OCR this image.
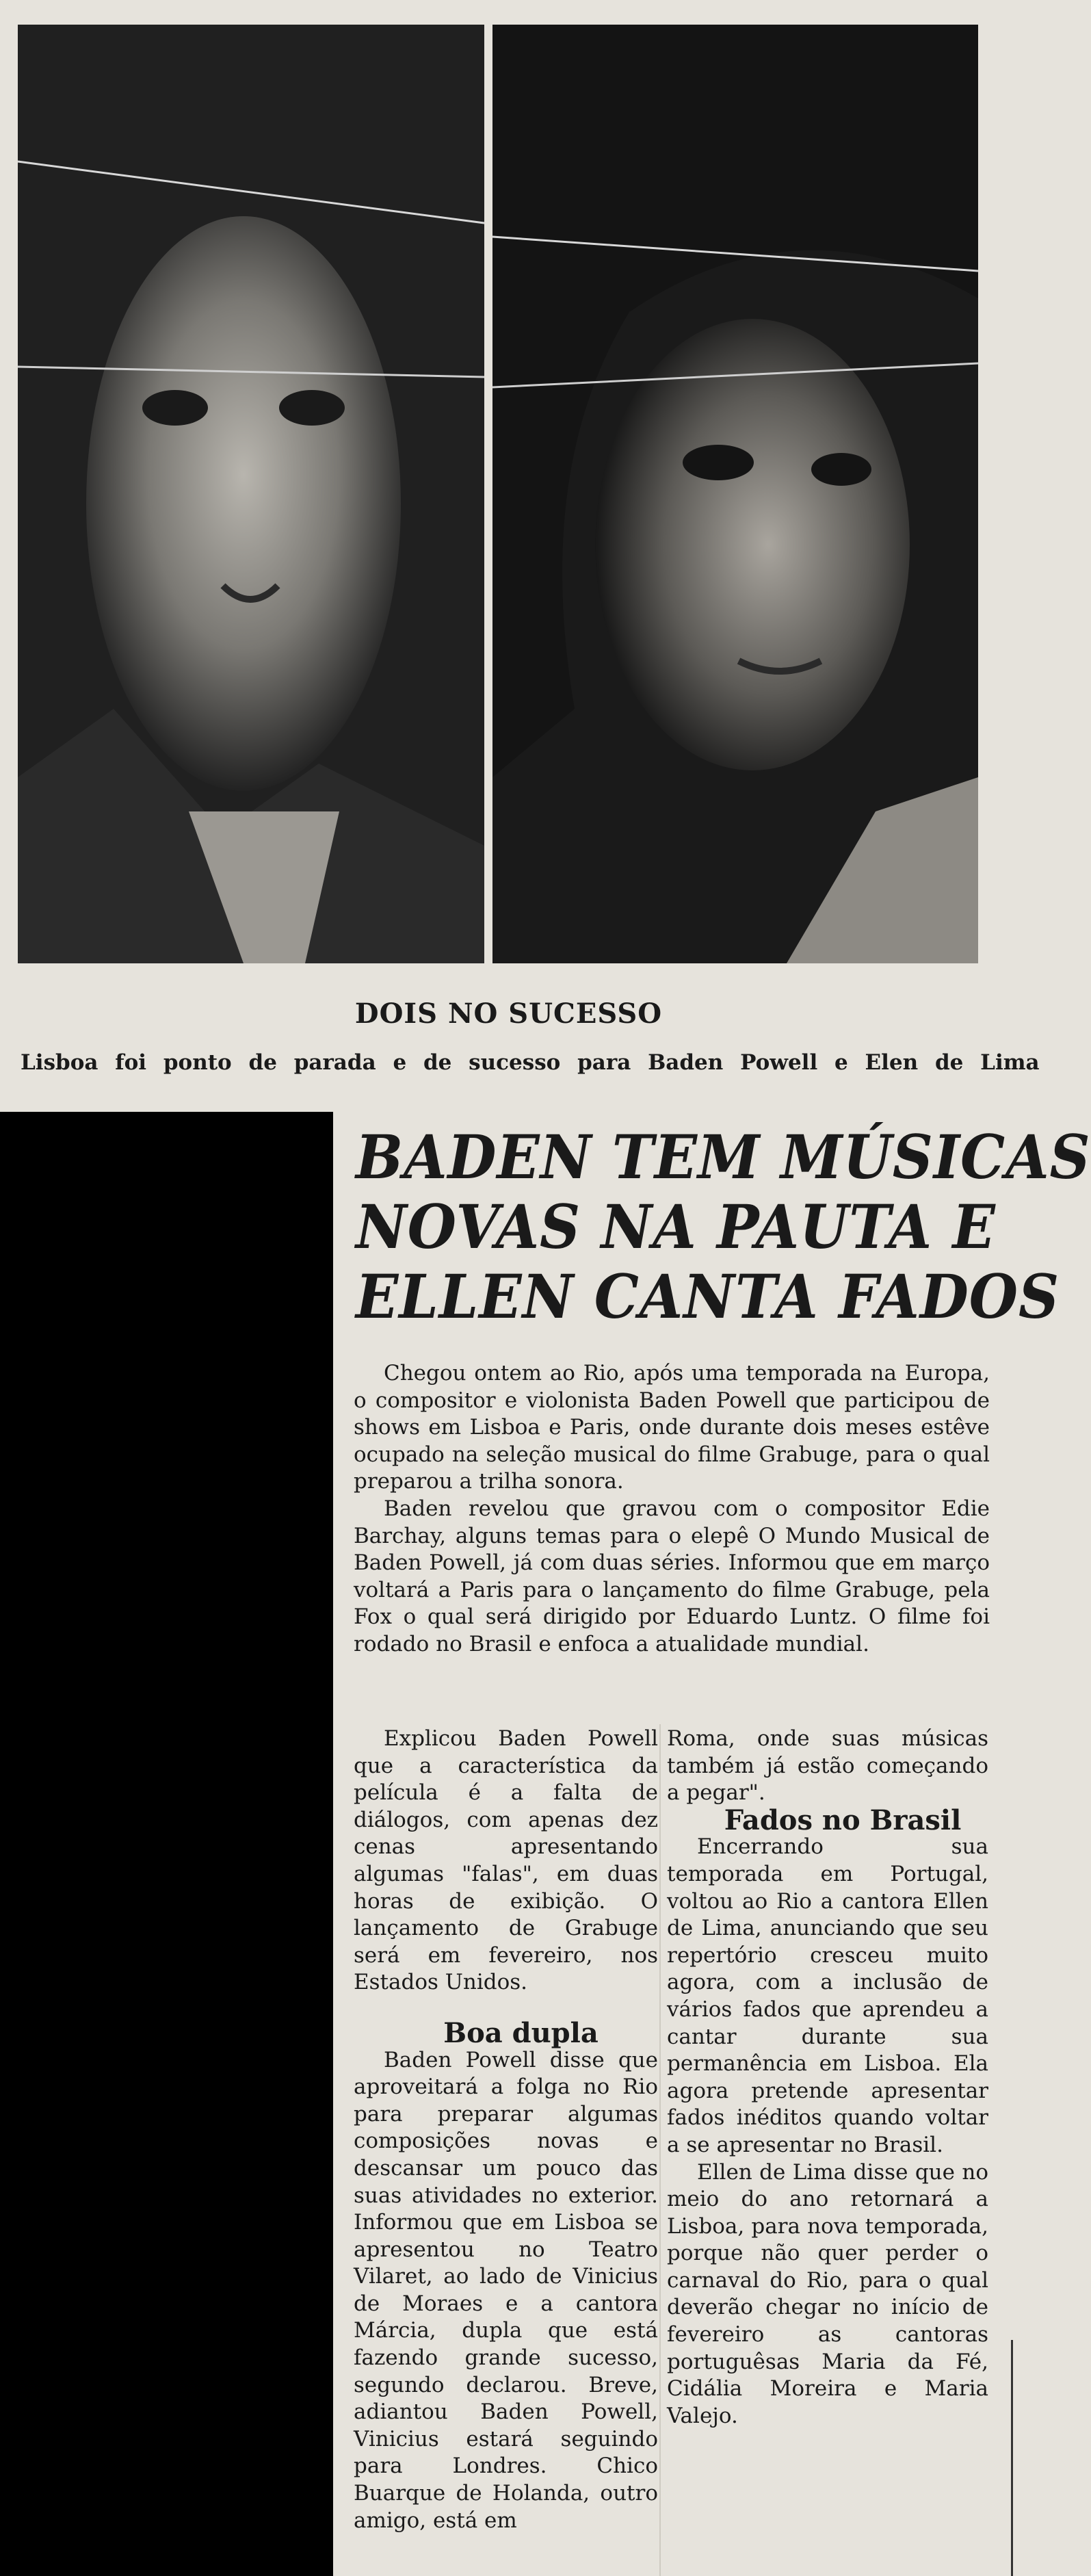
DOIS NO SUCESSO
Lisboa foi ponto de parada e de sucesso para Baden Powell e Elen de Lima
BADEN TEM MÚSICAS
NOVAS NA PAUTA E
ELLEN CANTA FADOS

Chegou ontem ao Rio, após uma temporada na Europa, o compositor e violonista Baden Powell que participou de shows em Lisboa e Paris, onde durante dois meses estêve ocupado na seleção musical do filme Grabuge, para o qual preparou a trilha sonora.

Baden revelou que gravou com o compositor Edie Barchay, alguns temas para o elepê O Mundo Musical de Baden Powell, já com duas séries. Informou que em março voltará a Paris para o lançamento do filme Grabuge, pela Fox o qual será dirigido por Eduardo Luntz. O filme foi rodado no Brasil e enfoca a atualidade mundial.

Explicou Baden Powell que a característica da película é a falta de diálogos, com apenas dez cenas apresentando algumas "falas", em duas horas de exibição. O lançamento de Grabuge será em fevereiro, nos Estados Unidos.

Boa dupla

Baden Powell disse que aproveitará a folga no Rio para preparar algumas composições novas e descansar um pouco das suas atividades no exterior. Informou que em Lisboa se apresentou no Teatro Vilaret, ao lado de Vinicius de Moraes e a cantora Márcia, dupla que está fazendo grande sucesso, segundo declarou. Breve, adiantou Baden Powell, Vinicius estará seguindo para Londres. Chico Buarque de Holanda, outro amigo, está em

Roma, onde suas músicas também já estão começando a pegar".

Fados no Brasil

Encerrando sua temporada em Portugal, voltou ao Rio a cantora Ellen de Lima, anunciando que seu repertório cresceu muito agora, com a inclusão de vários fados que aprendeu a cantar durante sua permanência em Lisboa. Ela agora pretende apresentar fados inéditos quando voltar a se apresentar no Brasil.

Ellen de Lima disse que no meio do ano retornará a Lisboa, para nova temporada, porque não quer perder o carnaval do Rio, para o qual deverão chegar no início de fevereiro as cantoras portuguêsas Maria da Fé, Cidália Moreira e Maria Valejo.
